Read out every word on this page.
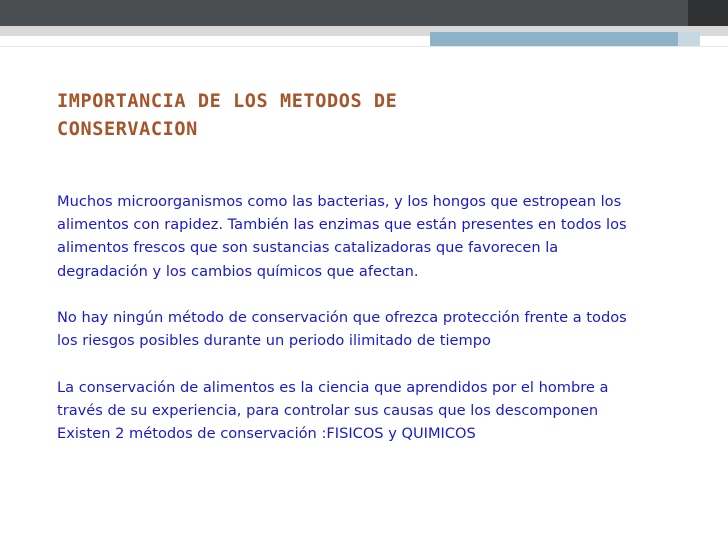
IMPORTANCIA DE LOS METODOS DE
CONSERVACION

Muchos microorganismos como las bacterias, y los hongos que estropean los
alimentos con rapidez. También las enzimas que están presentes en todos los
alimentos frescos que son sustancias catalizadoras que favorecen la
degradación y los cambios químicos que afectan.

No hay ningún método de conservación que ofrezca protección frente a todos
los riesgos posibles durante un periodo ilimitado de tiempo

La conservación de alimentos es la ciencia que aprendidos por el hombre a
través de su experiencia, para controlar sus causas que los descomponen
Existen 2 métodos de conservación :FISICOS y QUIMICOS
